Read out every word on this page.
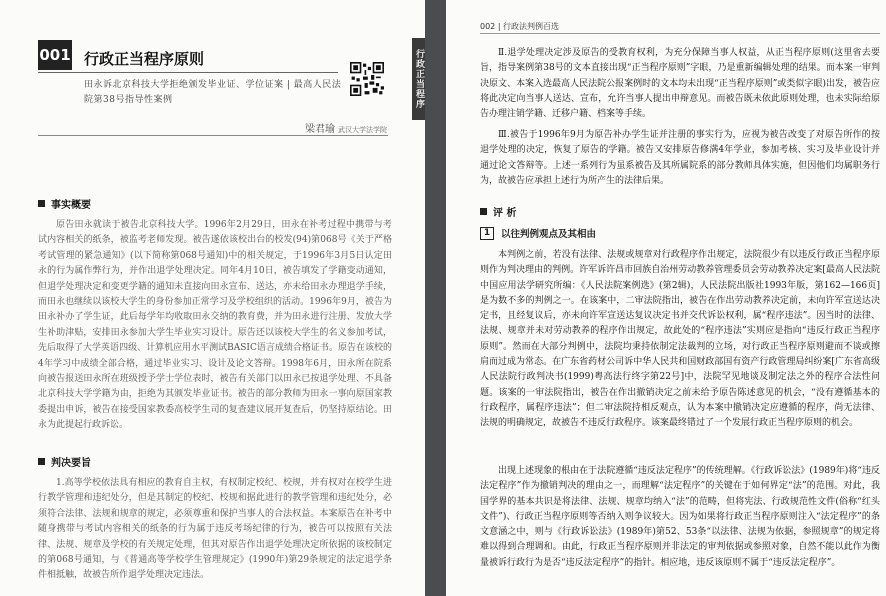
行政正当程序
001 行政正当程序原则
田永诉北京科技大学拒绝颁发毕业证、学位证案 | 最高人民法院第38号指导性案例
梁君瑜 武汉大学法学院
事实概要
原告田永就读于被告北京科技大学。1996年2月29日，田永在补考过程中携带与考试内容相关的纸条，被监考老师发现。被告遂依该校出台的校发(94)第068号《关于严格考试管理的紧急通知》(以下简称第068号通知)中的相关规定，于1996年3月5日认定田永的行为属作弊行为，并作出退学处理决定。同年4月10日，被告填发了学籍变动通知，但退学处理决定和变更学籍的通知未直接向田永宣布、送达，亦未给田永办理退学手续，而田永也继续以该校大学生的身份参加正常学习及学校组织的活动。1996年9月，被告为田永补办了学生证，此后每学年均收取田永交纳的教育费，并为田永进行注册、发放大学生补助津贴，安排田永参加大学生毕业实习设计。原告还以该校大学生的名义参加考试，先后取得了大学英语四级、计算机应用水平测试BASIC语言成绩合格证书。原告在该校的4年学习中成绩全部合格，通过毕业实习、设计及论文答辩。1998年6月，田永所在院系向被告报送田永所在班级授予学士学位表时，被告有关部门以田永已按退学处理、不具备北京科技大学学籍为由，拒绝为其颁发毕业证书。被告的部分教师为田永一事向原国家教委提出申诉，被告在接受国家教委高校学生司的复查建议展开复查后，仍坚持原结论。田永为此提起行政诉讼。
判决要旨
1.高等学校依法具有相应的教育自主权，有权制定校纪、校规，并有权对在校学生进行教学管理和违纪处分，但是其制定的校纪、校规和据此进行的教学管理和违纪处分，必须符合法律、法规和规章的规定，必须尊重和保护当事人的合法权益。本案原告在补考中随身携带与考试内容相关的纸条的行为属于违反考场纪律的行为，被告可以按照有关法律、法规、规章及学校的有关规定处理，但其对原告作出退学处理决定所依据的该校制定的第068号通知，与《普通高等学校学生管理规定》(1990年)第29条规定的法定退学条件相抵触，故被告所作退学处理决定违法。
002 | 行政法判例百选
Ⅱ.退学处理决定涉及原告的受教育权利，为充分保障当事人权益，从正当程序原则(这里省去要旨，指导案例第38号的文本直接出现“正当程序原则”字眼，乃是重新编辑处理的结果。而本案一审判决原文、本案入选最高人民法院公报案例时的文本均未出现“正当程序原则”或类似字眼)出发，被告应将此决定向当事人送达、宣布，允许当事人提出申辩意见。而被告既未依此原则处理，也未实际给原告办理注销学籍、迁移户籍、档案等手续。
Ⅲ.被告于1996年9月为原告补办学生证并注册的事实行为，应视为被告改变了对原告所作的按退学处理的决定，恢复了原告的学籍。被告又安排原告修满4年学业，参加考核、实习及毕业设计并通过论文答辩等。上述一系列行为虽系被告及其所属院系的部分教师具体实施，但因他们均属职务行为，故被告应承担上述行为所产生的法律后果。
评 析
1	以往判例观点及其相由
本判例之前，若没有法律、法规或规章对行政程序作出规定，法院很少有以违反行政正当程序原则作为判决理由的判例。许军诉许昌市回族自治州劳动教养管理委员会劳动教养决定案[最高人民法院中国应用法学研究所编：《人民法院案例选》(第2辑)，人民法院出版社1993年版，第162—166页]是为数不多的判例之一。在该案中，二审法院指出，被告在作出劳动教养决定前，未向许军宣送达决定书，且经复议后，亦未向许军宣送达复议决定书并交代诉讼权利，属“程序违法”。因当时的法律、法规、规章并未对劳动教养的程序作出规定，故此处的“程序违法”实则应是指向“违反行政正当程序原则”。然而在大部分判例中，法院均秉持依制定法裁判的立场，对行政正当程序原则避而不谈或擦肩而过成为常态。在广东省药材公司诉中华人民共和国财政部国有资产行政管理局纠纷案[广东省高级人民法院行政判决书(1999)粤高法行终字第22号]中，法院罕见地谈及制定法之外的程序合法性问题。该案的一审法院指出，被告在作出撤销决定之前未给予原告陈述意见的机会，“没有遵循基本的行政程序，属程序违法”；但二审法院持相反观点，认为本案中撤销决定应遵循的程序，尚无法律、法规的明确规定，故被告不违反行政程序。该案最终错过了一个发展行政正当程序原则的机会。
出现上述现象的根由在于法院遵循“违反法定程序”的传统理解。《行政诉讼法》(1989年)将“违反法定程序”作为撤销判决的理由之一，而理解“法定程序”的关键在于如何界定“法”的范围。对此，我国学界的基本共识是将法律、法规、规章均纳入“法”的范畴，但将宪法、行政规范性文件(俗称“红头文件”)、行政正当程序原则等否纳入则争议较大。因为如果将行政正当程序原则注入“法定程序”的条文意涵之中，则与《行政诉讼法》(1989年)第52、53条“以法律、法规为依据，参照规章”的规定将难以得到合理调和。由此，行政正当程序原则并非法定的审判依据或参照对象，自然不能以此作为衡量被诉行政行为是否“违反法定程序”的指针。相应地，违反该原则不属于“违反法定程序”。
